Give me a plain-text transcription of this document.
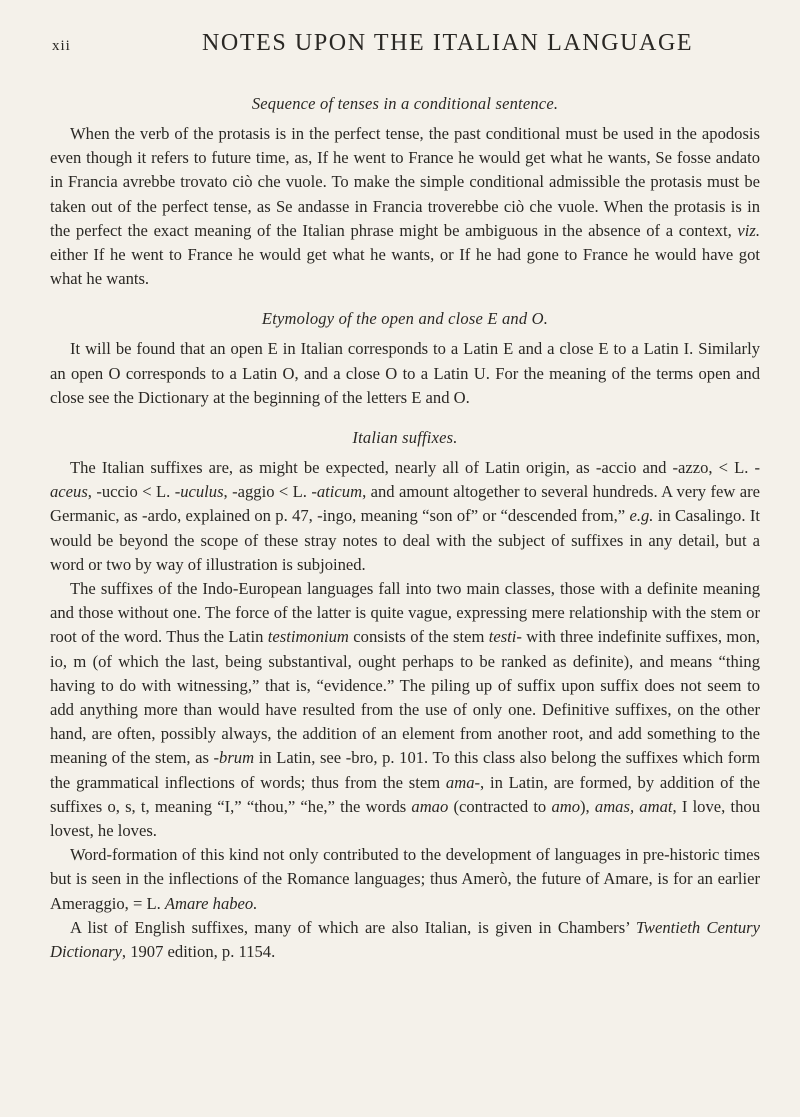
xii	NOTES UPON THE ITALIAN LANGUAGE
Sequence of tenses in a conditional sentence.

When the verb of the protasis is in the perfect tense, the past conditional must be used in the apodosis even though it refers to future time, as, If he went to France he would get what he wants, Se fosse andato in Francia avrebbe trovato ciò che vuole. To make the simple conditional admissible the protasis must be taken out of the perfect tense, as Se andasse in Francia troverebbe ciò che vuole. When the protasis is in the perfect the exact meaning of the Italian phrase might be ambiguous in the absence of a context, viz. either If he went to France he would get what he wants, or If he had gone to France he would have got what he wants.

Etymology of the open and close E and O.

It will be found that an open E in Italian corresponds to a Latin E and a close E to a Latin I. Similarly an open O corresponds to a Latin O, and a close O to a Latin U. For the meaning of the terms open and close see the Dictionary at the beginning of the letters E and O.

Italian suffixes.

The Italian suffixes are, as might be expected, nearly all of Latin origin, as -accio and -azzo, < L. -aceus, -uccio < L. -uculus, -aggio < L. -aticum, and amount altogether to several hundreds. A very few are Germanic, as -ardo, explained on p. 47, -ingo, meaning “son of” or “descended from,” e.g. in Casalingo. It would be beyond the scope of these stray notes to deal with the subject of suffixes in any detail, but a word or two by way of illustration is subjoined.

The suffixes of the Indo-European languages fall into two main classes, those with a definite meaning and those without one. The force of the latter is quite vague, expressing mere relationship with the stem or root of the word. Thus the Latin testimonium consists of the stem testi- with three indefinite suffixes, mon, io, m (of which the last, being substantival, ought perhaps to be ranked as definite), and means “thing having to do with witnessing,” that is, “evidence.” The piling up of suffix upon suffix does not seem to add anything more than would have resulted from the use of only one. Definitive suffixes, on the other hand, are often, possibly always, the addition of an element from another root, and add something to the meaning of the stem, as -brum in Latin, see -bro, p. 101. To this class also belong the suffixes which form the grammatical inflections of words; thus from the stem ama-, in Latin, are formed, by addition of the suffixes o, s, t, meaning “I,” “thou,” “he,” the words amao (contracted to amo), amas, amat, I love, thou lovest, he loves.

Word-formation of this kind not only contributed to the development of languages in pre-historic times but is seen in the inflections of the Romance languages; thus Amerò, the future of Amare, is for an earlier Ameraggio, = L. Amare habeo.

A list of English suffixes, many of which are also Italian, is given in Chambers’ Twentieth Century Dictionary, 1907 edition, p. 1154.
